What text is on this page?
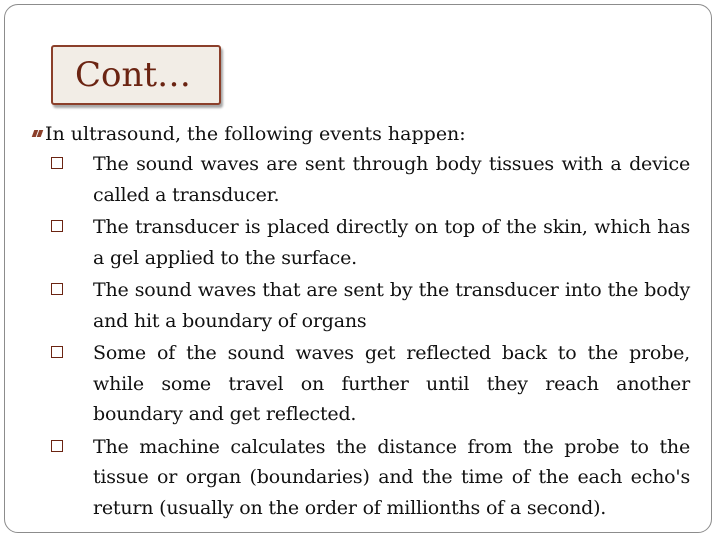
Cont…
In ultrasound, the following events happen:
The sound waves are sent through body tissues with a device called a transducer.
The transducer is placed directly on top of the skin, which has a gel applied to the surface.
The sound waves that are sent by the transducer into the body and hit a boundary of organs
Some of the sound waves get reflected back to the probe, while some travel on further until they reach another boundary and get reflected.
The machine calculates the distance from the probe to the tissue or organ (boundaries) and the time of the each echo's return (usually on the order of millionths of a second).
